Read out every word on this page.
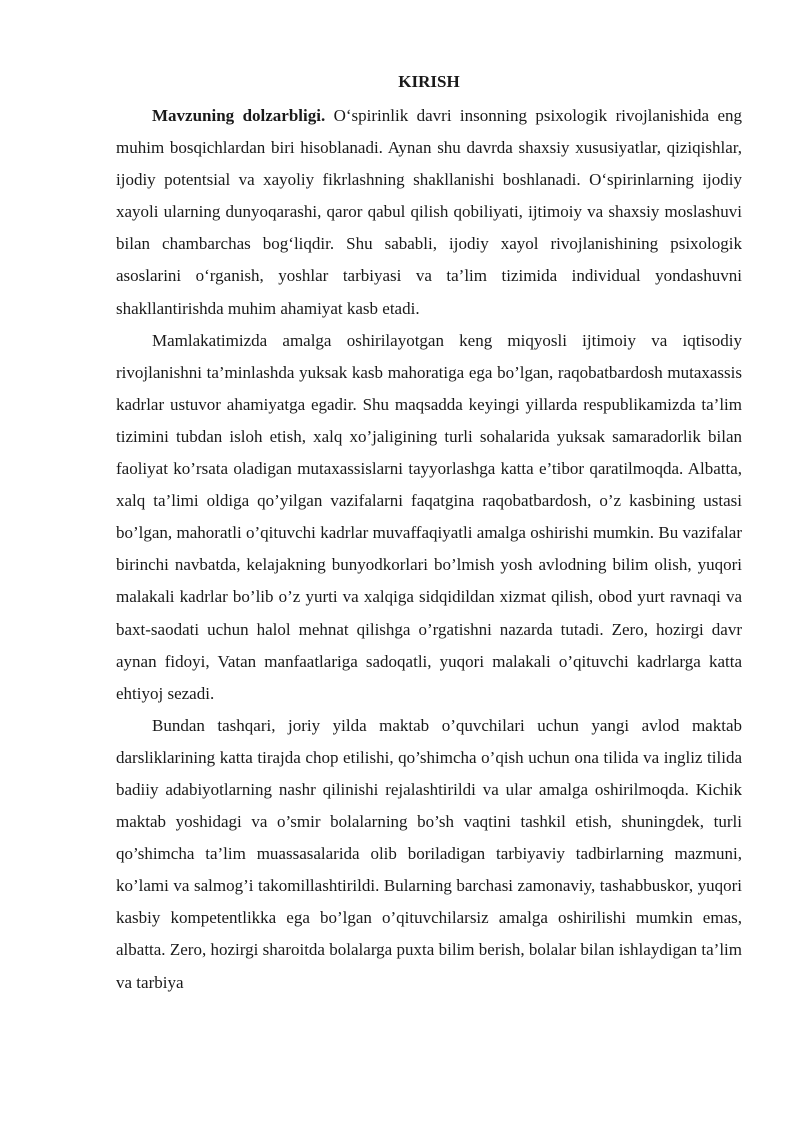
KIRISH

Mavzuning dolzarbligi. O‘spirinlik davri insonning psixologik rivojlanishida eng muhim bosqichlardan biri hisoblanadi. Aynan shu davrda shaxsiy xususiyatlar, qiziqishlar, ijodiy potentsial va xayoliy fikrlashning shakllanishi boshlanadi. O‘spirinlarning ijodiy xayoli ularning dunyoqarashi, qaror qabul qilish qobiliyati, ijtimoiy va shaxsiy moslashuvi bilan chambarchas bog‘liqdir. Shu sababli, ijodiy xayol rivojlanishining psixologik asoslarini o‘rganish, yoshlar tarbiyasi va ta’lim tizimida individual yondashuvni shakllantirishda muhim ahamiyat kasb etadi.

Mamlakatimizda amalga oshirilayotgan keng miqyosli ijtimoiy va iqtisodiy rivojlanishni ta’minlashda yuksak kasb mahoratiga ega bo’lgan, raqobatbardosh mutaxassis kadrlar ustuvor ahamiyatga egadir. Shu maqsadda keyingi yillarda respublikamizda ta’lim tizimini tubdan isloh etish, xalq xo’jaligining turli sohalarida yuksak samaradorlik bilan faoliyat ko’rsata oladigan mutaxassislarni tayyorlashga katta e’tibor qaratilmoqda. Albatta, xalq ta’limi oldiga qo’yilgan vazifalarni faqatgina raqobatbardosh, o’z kasbining ustasi bo’lgan, mahoratli o’qituvchi kadrlar muvaffaqiyatli amalga oshirishi mumkin. Bu vazifalar birinchi navbatda, kelajakning bunyodkorlari bo’lmish yosh avlodning bilim olish, yuqori malakali kadrlar bo’lib o’z yurti va xalqiga sidqidildan xizmat qilish, obod yurt ravnaqi va baxt-saodati uchun halol mehnat qilishga o’rgatishni nazarda tutadi. Zero, hozirgi davr aynan fidoyi, Vatan manfaatlariga sadoqatli, yuqori malakali o’qituvchi kadrlarga katta ehtiyoj sezadi.

Bundan tashqari, joriy yilda maktab o’quvchilari uchun yangi avlod maktab darsliklarining katta tirajda chop etilishi, qo’shimcha o’qish uchun ona tilida va ingliz tilida badiiy adabiyotlarning nashr qilinishi rejalashtirildi va ular amalga oshirilmoqda. Kichik maktab yoshidagi va o’smir bolalarning bo’sh vaqtini tashkil etish, shuningdek, turli qo’shimcha ta’lim muassasalarida olib boriladigan tarbiyaviy tadbirlarning mazmuni, ko’lami va salmog’i takomillashtirildi. Bularning barchasi zamonaviy, tashabbuskor, yuqori kasbiy kompetentlikka ega bo’lgan o’qituvchilarsiz amalga oshirilishi mumkin emas, albatta. Zero, hozirgi sharoitda bolalarga puxta bilim berish, bolalar bilan ishlaydigan ta’lim va tarbiya
